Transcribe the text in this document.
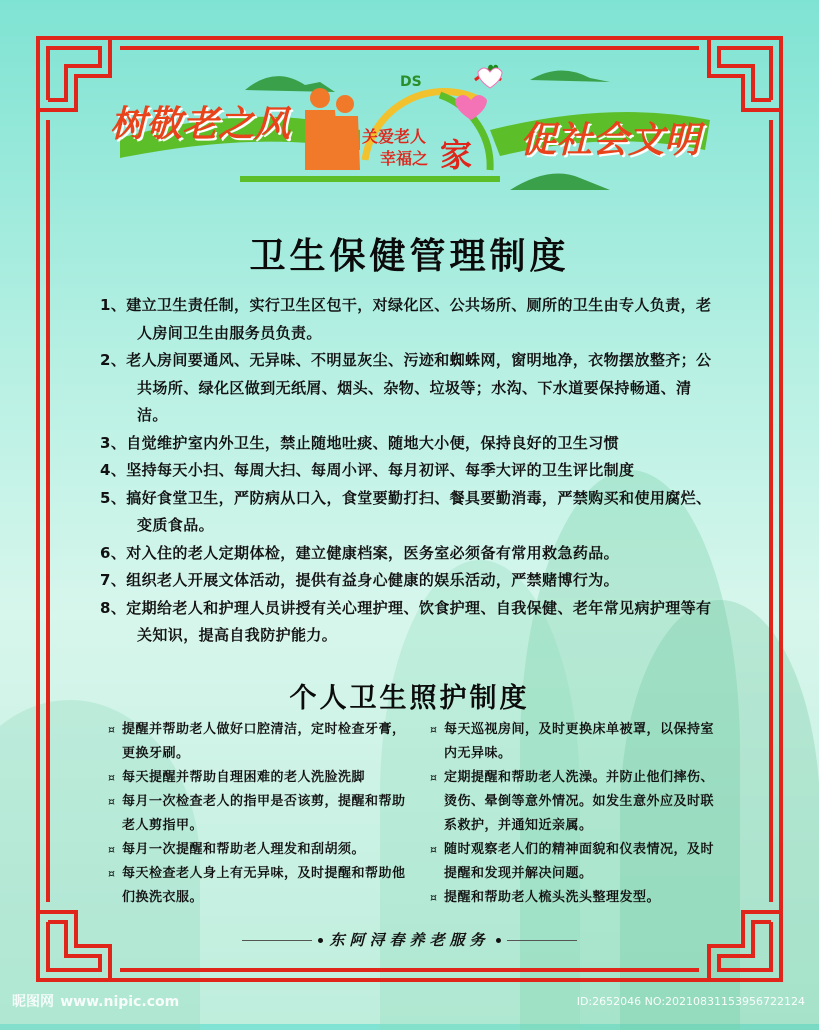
树敬老之风	促社会文明
DS
关爱老人
幸福之 家
卫生保健管理制度
1、建立卫生责任制，实行卫生区包干，对绿化区、公共场所、厕所的卫生由专人负责，老人房间卫生由服务员负责。
2、老人房间要通风、无异味、不明显灰尘、污迹和蜘蛛网，窗明地净，衣物摆放整齐；公共场所、绿化区做到无纸屑、烟头、杂物、垃圾等；水沟、下水道要保持畅通、清洁。
3、自觉维护室内外卫生，禁止随地吐痰、随地大小便，保持良好的卫生习惯
4、坚持每天小扫、每周大扫、每周小评、每月初评、每季大评的卫生评比制度
5、搞好食堂卫生，严防病从口入，食堂要勤打扫、餐具要勤消毒，严禁购买和使用腐烂、变质食品。
6、对入住的老人定期体检，建立健康档案，医务室必须备有常用救急药品。
7、组织老人开展文体活动，提供有益身心健康的娱乐活动，严禁赌博行为。
8、定期给老人和护理人员讲授有关心理护理、饮食护理、自我保健、老年常见病护理等有关知识，提高自我防护能力。
个人卫生照护制度
¤ 提醒并帮助老人做好口腔清洁，定时检查牙膏，更换牙刷。
¤ 每天提醒并帮助自理困难的老人洗脸洗脚
¤ 每月一次检查老人的指甲是否该剪，提醒和帮助老人剪指甲。
¤ 每月一次提醒和帮助老人理发和刮胡须。
¤ 每天检查老人身上有无异味，及时提醒和帮助他们换洗衣服。
¤ 每天巡视房间，及时更换床单被罩，以保持室内无异味。
¤ 定期提醒和帮助老人洗澡。并防止他们摔伤、烫伤、晕倒等意外情况。如发生意外应及时联系救护，并通知近亲属。
¤ 随时观察老人们的精神面貌和仪表情况，及时提醒和发现并解决问题。
¤ 提醒和帮助老人梳头洗头整理发型。
东阿浔春养老服务
昵图网 www.nipic.com	ID:2652046 NO:20210831153956722124
